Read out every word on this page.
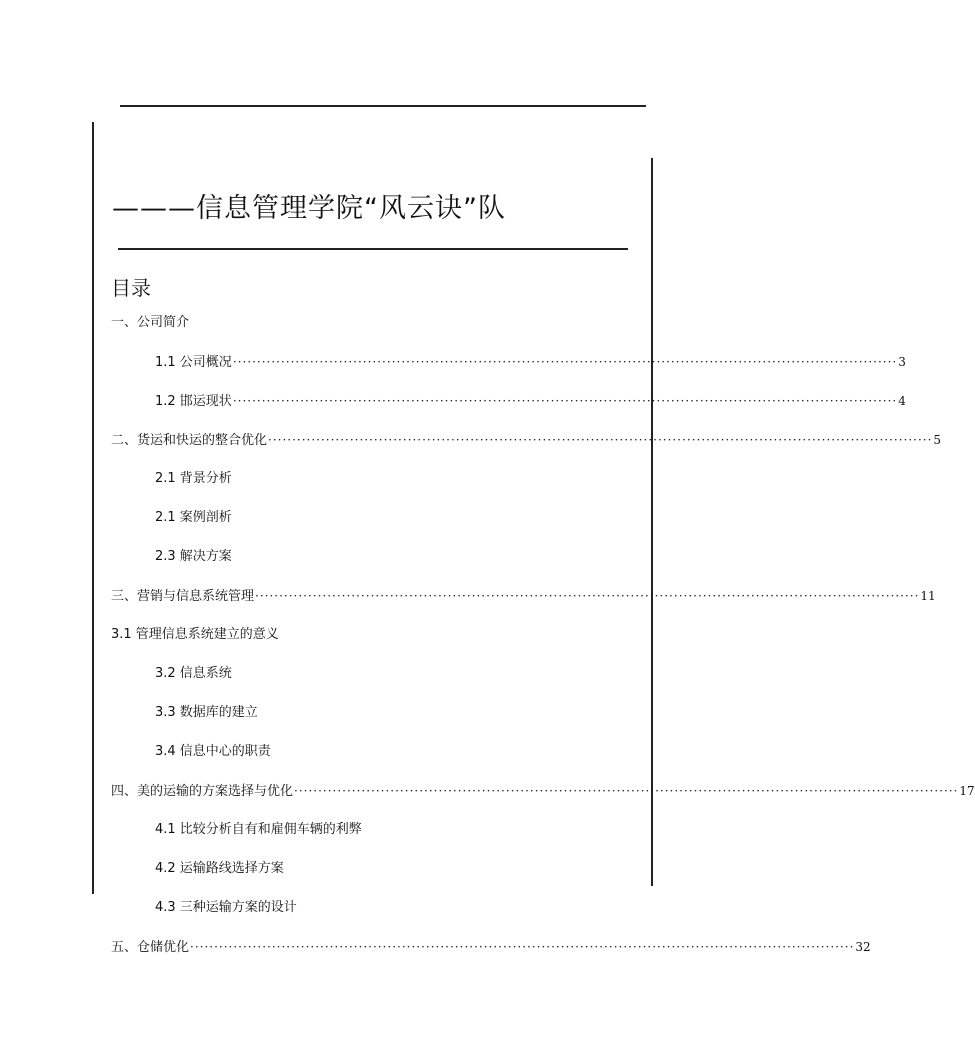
———信息管理学院“风云诀”队
目录
一、公司简介
1.1 公司概况 ·········································································································································· 3
1.2 邯运现状 ·········································································································································· 4
二、货运和快运的整合优化 ·········································································································································· 5
2.1 背景分析
2.1 案例剖析
2.3 解决方案
三、营销与信息系统管理 ·········································································································································· 11
3.1 管理信息系统建立的意义
3.2 信息系统
3.3 数据库的建立
3.4 信息中心的职责
四、美的运输的方案选择与优化 ·········································································································································· 17
4.1 比较分析自有和雇佣车辆的利弊
4.2 运输路线选择方案
4.3 三种运输方案的设计
五、仓储优化 ·········································································································································· 32
